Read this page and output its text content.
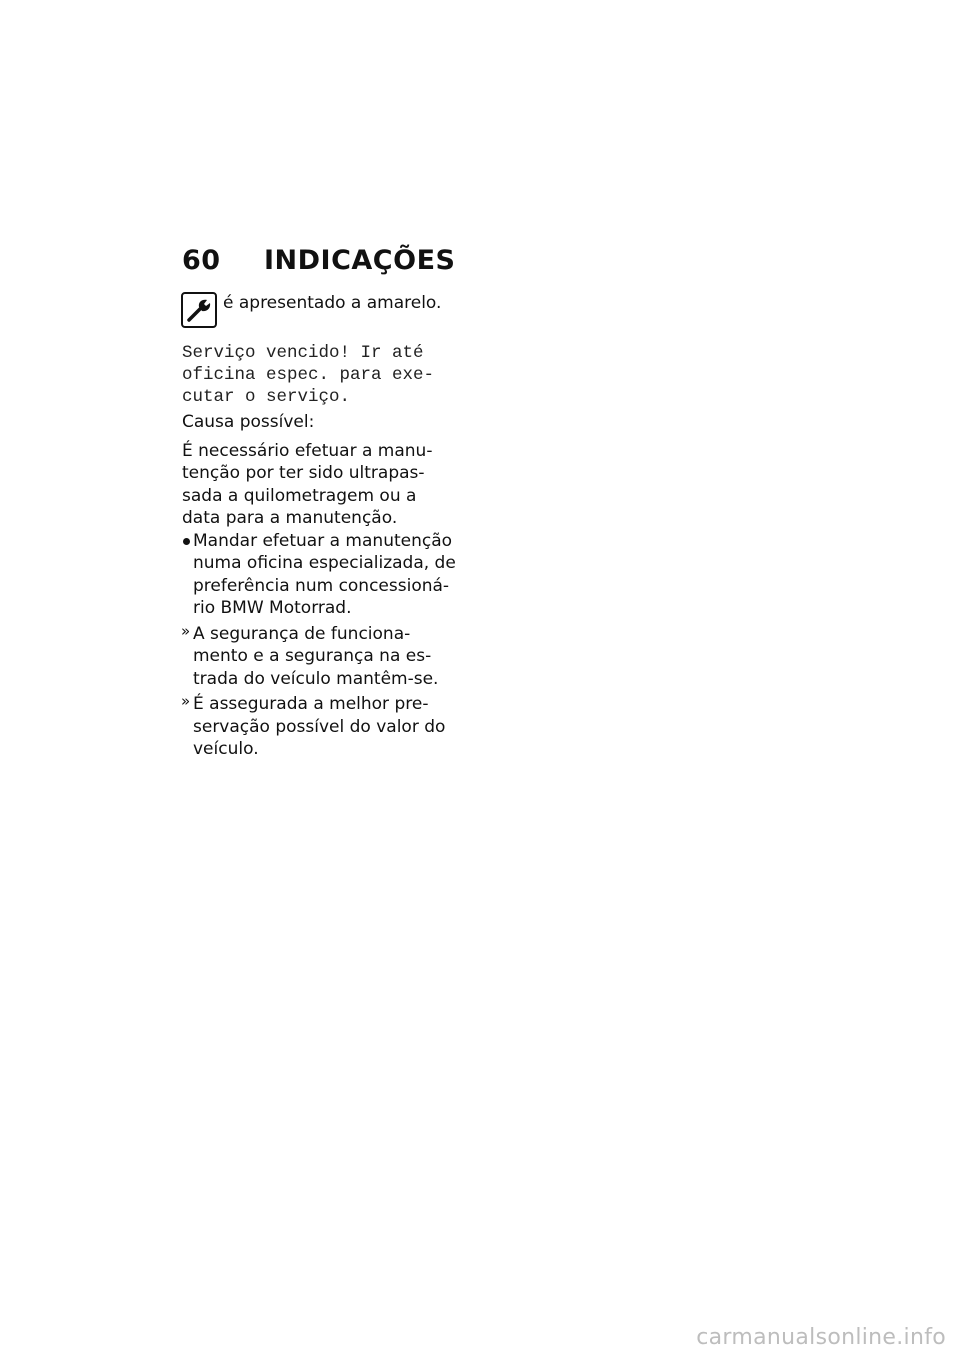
60	INDICAÇÕES
é apresentado a amarelo.
Serviço vencido! Ir até
oficina espec. para exe-
cutar o serviço.

Causa possível:

É necessário efetuar a manu-
tenção por ter sido ultrapas-
sada a quilometragem ou a
data para a manutenção.

Mandar efetuar a manutenção
numa oficina especializada, de
preferência num concessioná-
rio BMW Motorrad.
» A segurança de funciona-
mento e a segurança na es-
trada do veículo mantêm-se.
» É assegurada a melhor pre-
servação possível do valor do
veículo.
carmanualsonline.info
